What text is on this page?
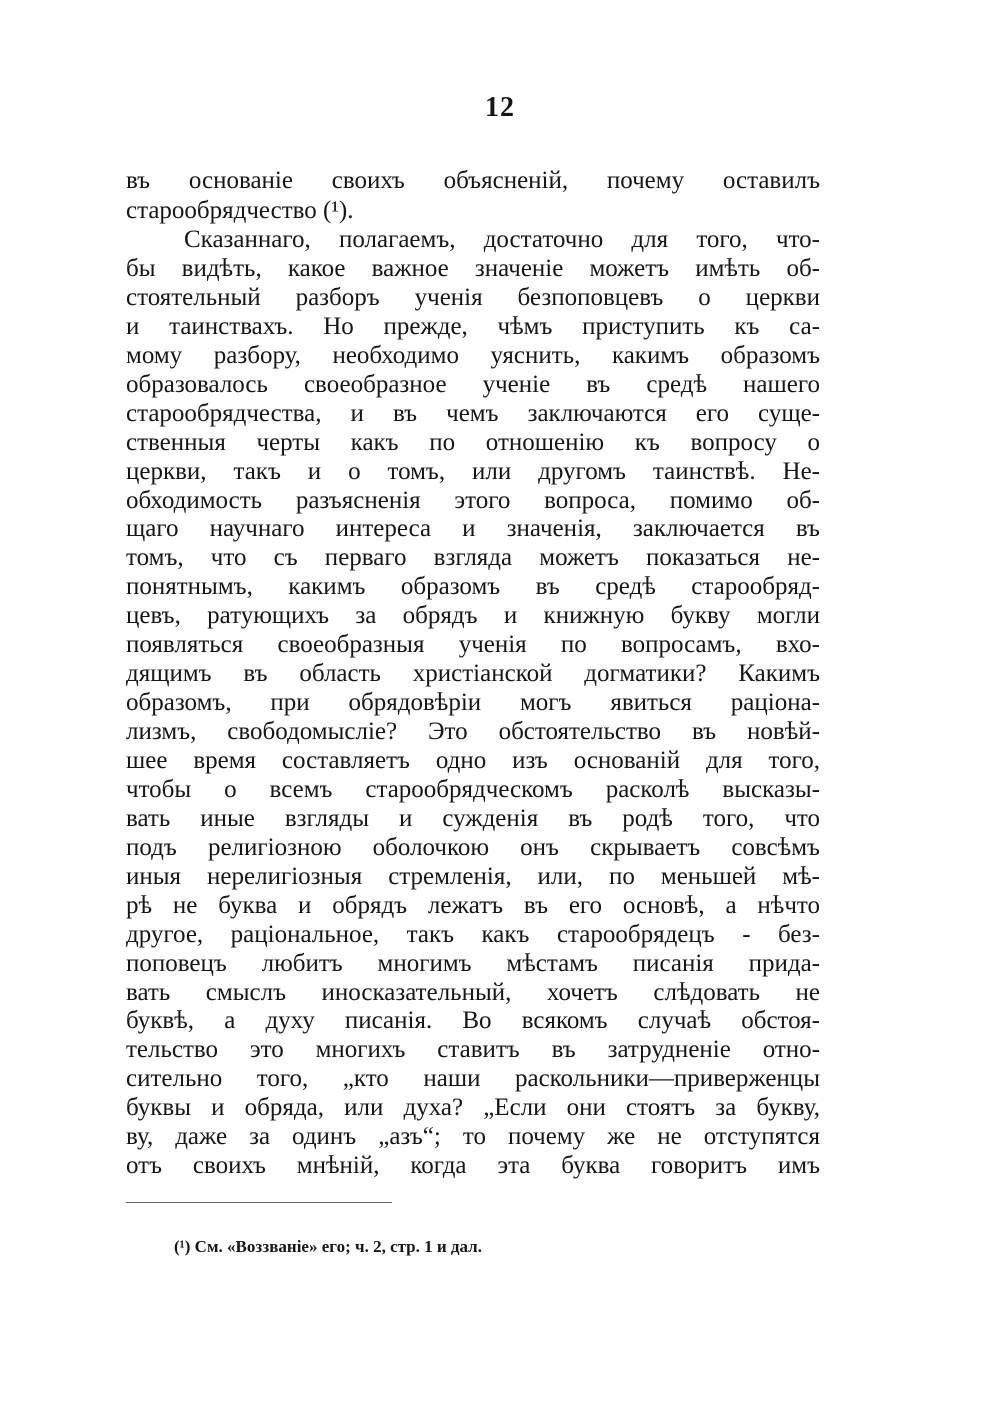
12
въ основаніе своихъ объясненій, почему оставилъ
старообрядчество (¹).
Сказаннаго, полагаемъ, достаточно для того, что-
бы видѣть, какое важное значеніе можетъ имѣть об-
стоятельный разборъ ученія безпоповцевъ о церкви
и таинствахъ. Но прежде, чѣмъ приступить къ са-
мому разбору, необходимо уяснить, какимъ образомъ
образовалось своеобразное ученіе въ средѣ нашего
старообрядчества, и въ чемъ заключаются его суще-
ственныя черты какъ по отношенію къ вопросу о
церкви, такъ и о томъ, или другомъ таинствѣ. Не-
обходимость разъясненія этого вопроса, помимо об-
щаго научнаго интереса и значенія, заключается въ
томъ, что съ перваго взгляда можетъ показаться не-
понятнымъ, какимъ образомъ въ средѣ старообряд-
цевъ, ратующихъ за обрядъ и книжную букву могли
появляться своеобразныя ученія по вопросамъ, вхо-
дящимъ въ область христіанской догматики? Какимъ
образомъ, при обрядовѣріи могъ явиться раціона-
лизмъ, свободомысліе? Это обстоятельство въ новѣй-
шее время составляетъ одно изъ основаній для того,
чтобы о всемъ старообрядческомъ расколѣ высказы-
вать иные взгляды и сужденія въ родѣ того, что
подъ религіозною оболочкою онъ скрываетъ совсѣмъ
иныя нерелигіозныя стремленія, или, по меньшей мѣ-
рѣ не буква и обрядъ лежатъ въ его основѣ, а нѣчто
другое, раціональное, такъ какъ старообрядецъ - без-
поповецъ любитъ многимъ мѣстамъ писанія прида-
вать смыслъ иносказательный, хочетъ слѣдовать не
буквѣ, а духу писанія. Во всякомъ случаѣ обстоя-
тельство это многихъ ставитъ въ затрудненіе отно-
сительно того, „кто наши раскольники—приверженцы
буквы и обряда, или духа? „Если они стоятъ за букву,
ву, даже за одинъ „азъ“; то почему же не отступятся
отъ своихъ мнѣній, когда эта буква говоритъ имъ
(¹) См. «Воззваніе» его; ч. 2, стр. 1 и дал.
